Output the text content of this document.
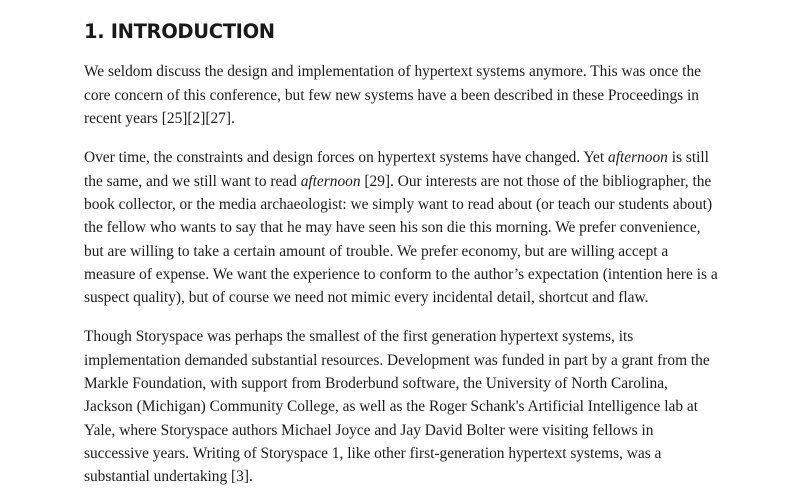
1. INTRODUCTION

We seldom discuss the design and implementation of hypertext systems anymore. This was once the core concern of this conference, but few new systems have a been described in these Proceedings in recent years [25][2][27].

Over time, the constraints and design forces on hypertext systems have changed. Yet afternoon is still the same, and we still want to read afternoon [29]. Our interests are not those of the bibliographer, the book collector, or the media archaeologist: we simply want to read about (or teach our students about) the fellow who wants to say that he may have seen his son die this morning. We prefer convenience, but are willing to take a certain amount of trouble. We prefer economy, but are willing accept a measure of expense. We want the experience to conform to the author’s expectation (intention here is a suspect quality), but of course we need not mimic every incidental detail, shortcut and flaw.

Though Storyspace was perhaps the smallest of the first generation hypertext systems, its implementation demanded substantial resources. Development was funded in part by a grant from the Markle Foundation, with support from Broderbund software, the University of North Carolina, Jackson (Michigan) Community College, as well as the Roger Schank's Artificial Intelligence lab at Yale, where Storyspace authors Michael Joyce and Jay David Bolter were visiting fellows in successive years. Writing of Storyspace 1, like other first-generation hypertext systems, was a substantial undertaking [3].
